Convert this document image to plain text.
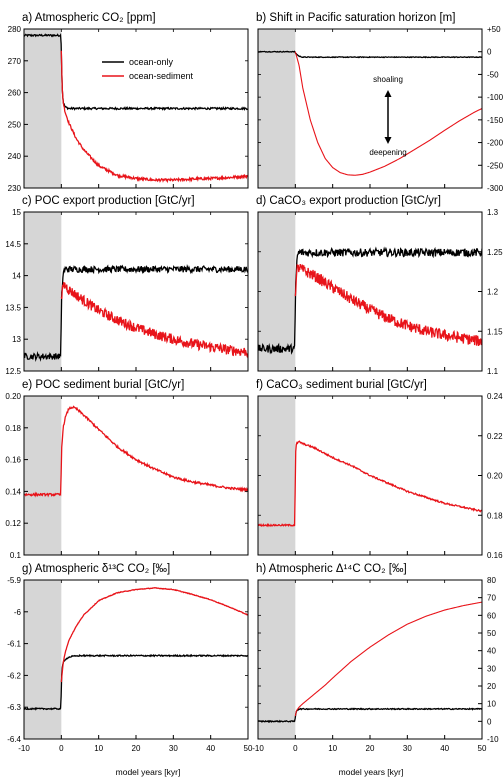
model years [kyr]	model years [kyr]
a) Atmospheric CO₂ [ppm]
230
240
250
260
270
280
ocean-only
ocean-sediment
b) Shift in Pacific saturation horizon [m]
-300
-250
-200
-150
-100
-50
0
+50
shoaling
deepening
c) POC export production [GtC/yr]
12.5
13
13.5
14
14.5
15
d) CaCO₃ export production [GtC/yr]
1.1
1.15
1.2
1.25
1.3
e) POC sediment burial [GtC/yr]
0.1
0.12
0.14
0.16
0.18
0.20
f) CaCO₃ sediment burial [GtC/yr]
0.16
0.18
0.20
0.22
0.24
g) Atmospheric δ¹³C CO₂ [‰]
-6.4
-6.3
-6.2
-6.1
-6
-5.9
-10	0	10	20	30	40	50
h) Atmospheric Δ¹⁴C CO₂ [‰]
-10
0
10
20
30
40
50
60
70
80
-10	0	10	20	30	40	50
